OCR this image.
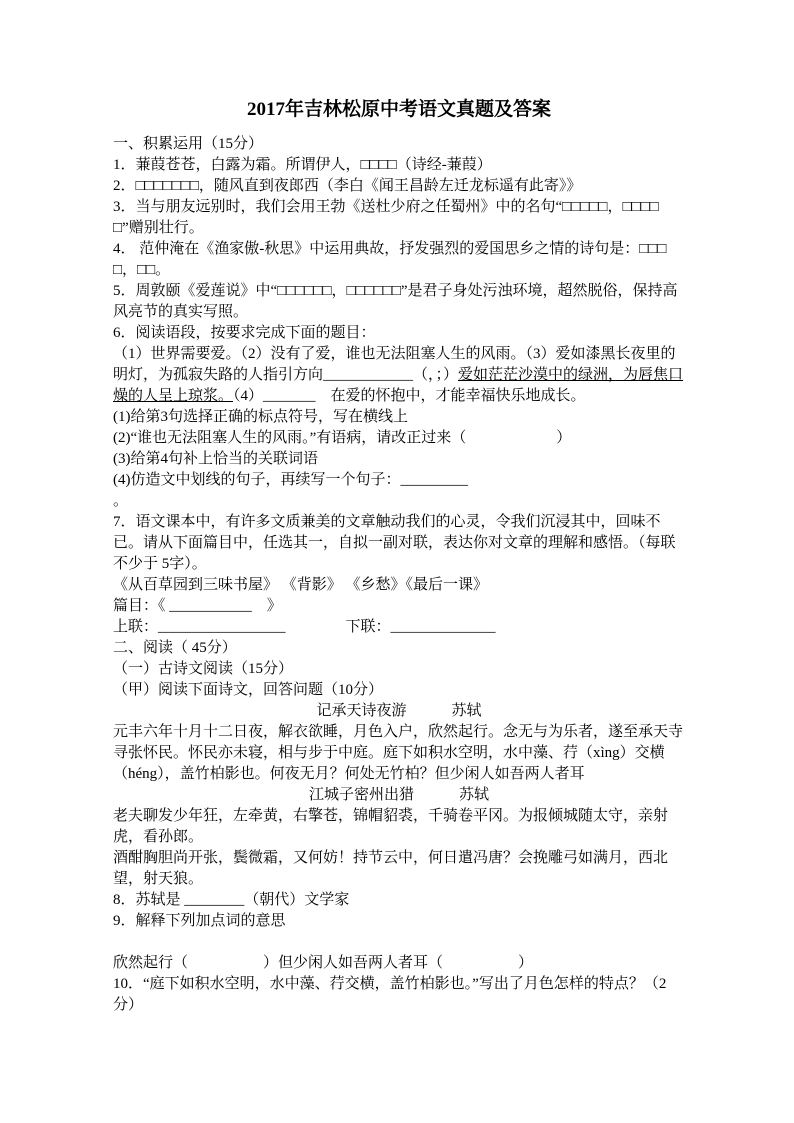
2017年吉林松原中考语文真题及答案

一、积累运用（15分）

1．蒹葭苍苍，白露为霜。所谓伊人，□□□□（诗经-蒹葭）

2．□□□□□□□，随风直到夜郎西（李白《闻王昌龄左迁龙标遥有此寄》》

3．当与朋友远别时，我们会用王勃《送杜少府之任蜀州》中的名句“□□□□□，□□□□□”赠别壮行。

4． 范仲淹在《渔家傲-秋思》中运用典故，抒发强烈的爱国思乡之情的诗句是：□□□□，□□。

5．周敦颐《爱莲说》中“□□□□□□，□□□□□□”是君子身处污浊环境，超然脱俗，保持高风亮节的真实写照。

6．阅读语段，按要求完成下面的题目：

（1）世界需要爱。（2）没有了爱，谁也无法阻塞人生的风雨。（3）爱如漆黑长夜里的明灯，为孤寂失路的人指引方向____________（，；）爱如茫茫沙漠中的绿洲，为唇焦口燥的人呈上琼浆。（4）_______　在爱的怀抱中，才能幸福快乐地成长。

(1)给第3句选择正确的标点符号，写在横线上

(2)“谁也无法阻塞人生的风雨。”有语病，请改正过来（　　　　　　）

(3)给第4句补上恰当的关联词语

(4)仿造文中划线的句子，再续写一个句子：_________

。

7．语文课本中，有许多文质兼美的文章触动我们的心灵，令我们沉浸其中，回味不已。请从下面篇目中，任选其一，自拟一副对联，表达你对文章的理解和感悟。（每联不少于 5字）。

《从百草园到三味书屋》 《背影》 《乡愁》《最后一课》

篇目：《 ___________　》

上联：_________________　　　　下联：______________

二、阅读（ 45分）

（一）古诗文阅读（15分）

（甲）阅读下面诗文，回答问题（10分）

记承天诗夜游　　　苏轼

元丰六年十月十二日夜，解衣欲睡，月色入户，欣然起行。念无与为乐者，遂至承天寺寻张怀民。怀民亦未寝，相与步于中庭。庭下如积水空明，水中藻、荇（xìng）交横（héng），盖竹柏影也。何夜无月？何处无竹柏？但少闲人如吾两人者耳

江城子密州出猎　　　苏轼

老夫聊发少年狂，左牵黄，右擎苍，锦帽貂裘，千骑卷平冈。为报倾城随太守，亲射虎，看孙郎。

酒酣胸胆尚开张，鬓微霜，又何妨！持节云中，何日遣冯唐？会挽雕弓如满月，西北望，射天狼。

8．苏轼是 ________（朝代）文学家

9．解释下列加点词的意思

欣然起行（　　　　　）但少闲人如吾两人者耳（　　　　　）

10．“庭下如积水空明，水中藻、荇交横，盖竹柏影也。”写出了月色怎样的特点？（2分）
